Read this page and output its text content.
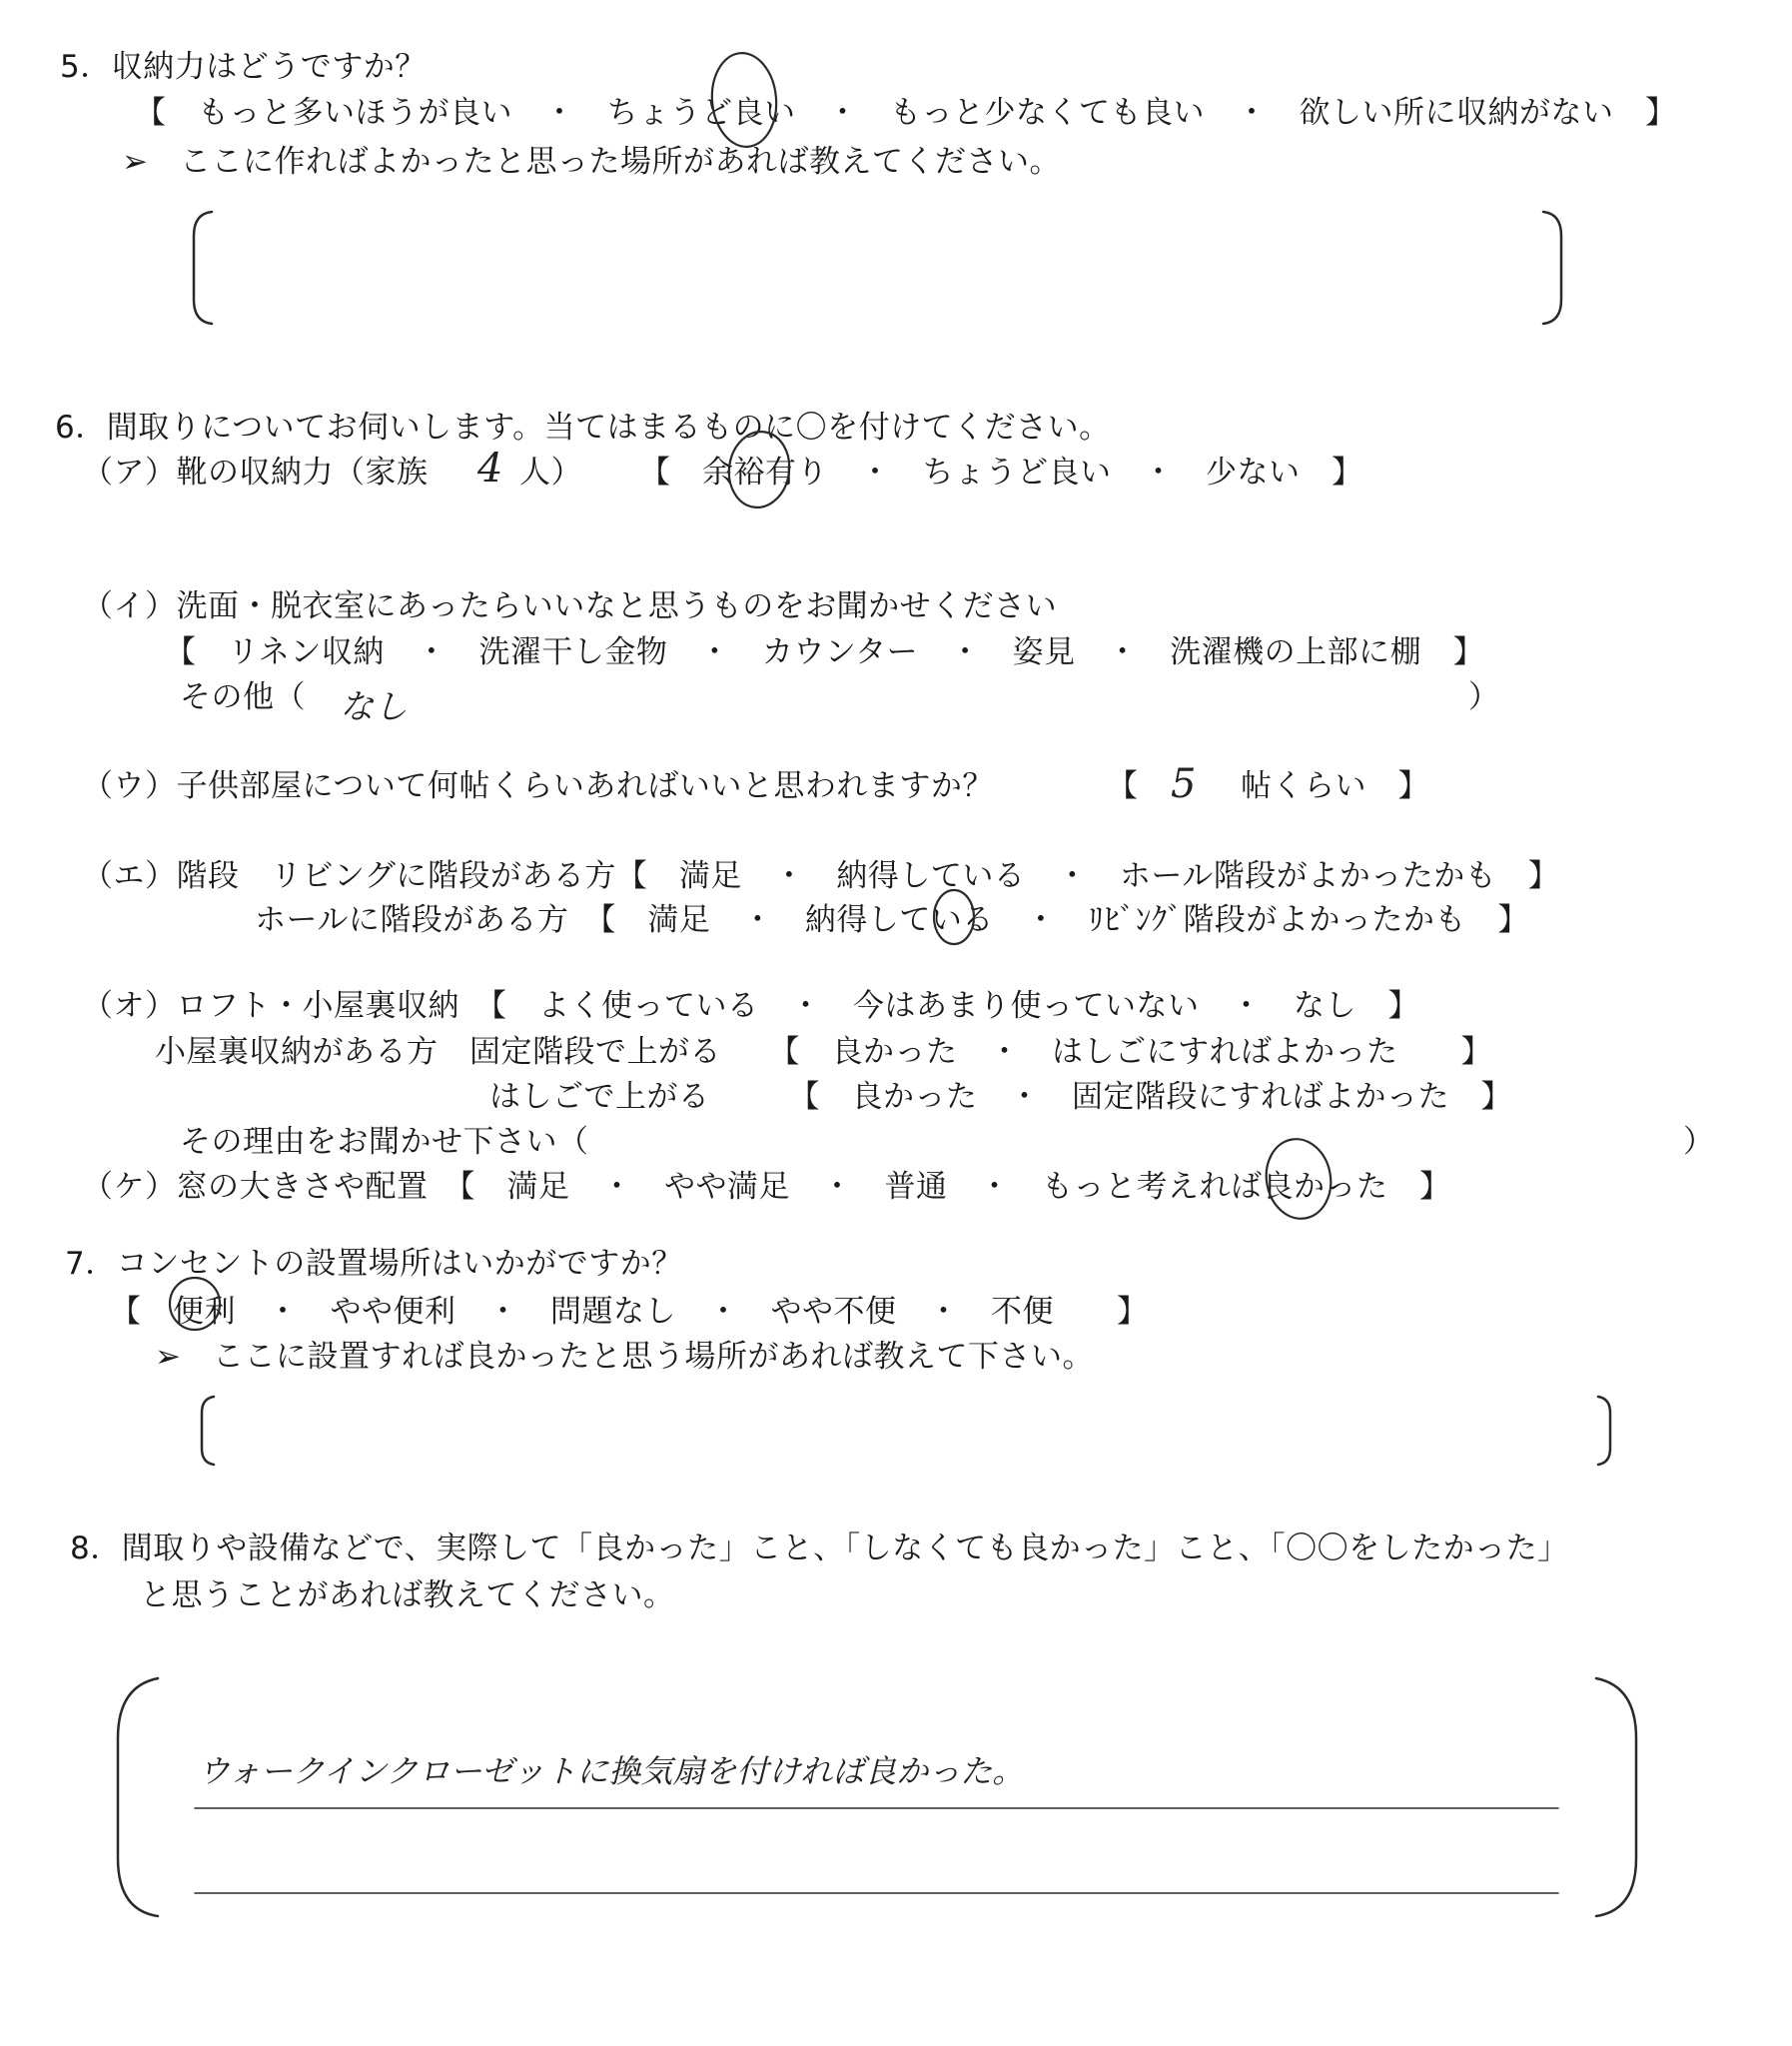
5．収納力はどうですか？
【　もっと多いほうが良い　・　ちょうど良い　・　もっと少なくても良い　・　欲しい所に収納がない　】
➢　ここに作ればよかったと思った場所があれば教えてください。
6．間取りについてお伺いします。当てはまるものに〇を付けてください。
（ア）靴の収納力（家族 4 人） 【　余裕有り　・　ちょうど良い　・　少ない　】
（イ）洗面・脱衣室にあったらいいなと思うものをお聞かせください
【　リネン収納　・　洗濯干し金物　・　カウンター　・　姿見　・　洗濯機の上部に棚　】
その他（ なし	）
（ウ）子供部屋について何帖くらいあればいいと思われますか？	【 5 帖くらい　】
（エ）階段　リビングに階段がある方【　満足　・　納得している　・　ホール階段がよかったかも　】
ホールに階段がある方　【　満足　・　納得している　・　ﾘﾋﾞﾝｸﾞ階段がよかったかも　】
（オ）ロフト・小屋裏収納　【　よく使っている　・　今はあまり使っていない　・　なし　】
小屋裏収納がある方　固定階段で上がる　　【　良かった　・　はしごにすればよかった　　】
はしごで上がる　　　【　良かった　・　固定階段にすればよかった　】
その理由をお聞かせ下さい（	）
（ケ）窓の大きさや配置　【　満足　・　やや満足　・　普通　・　もっと考えれば良かった　】
7．コンセントの設置場所はいかがですか？
【　便利　・　やや便利　・　問題なし　・　やや不便　・　不便　　】
➢　ここに設置すれば良かったと思う場所があれば教えて下さい。
8．間取りや設備などで、実際して「良かった」こと、「しなくても良かった」こと、「〇〇をしたかった」
と思うことがあれば教えてください。
ウォークインクローゼットに換気扇を付ければ良かった。
